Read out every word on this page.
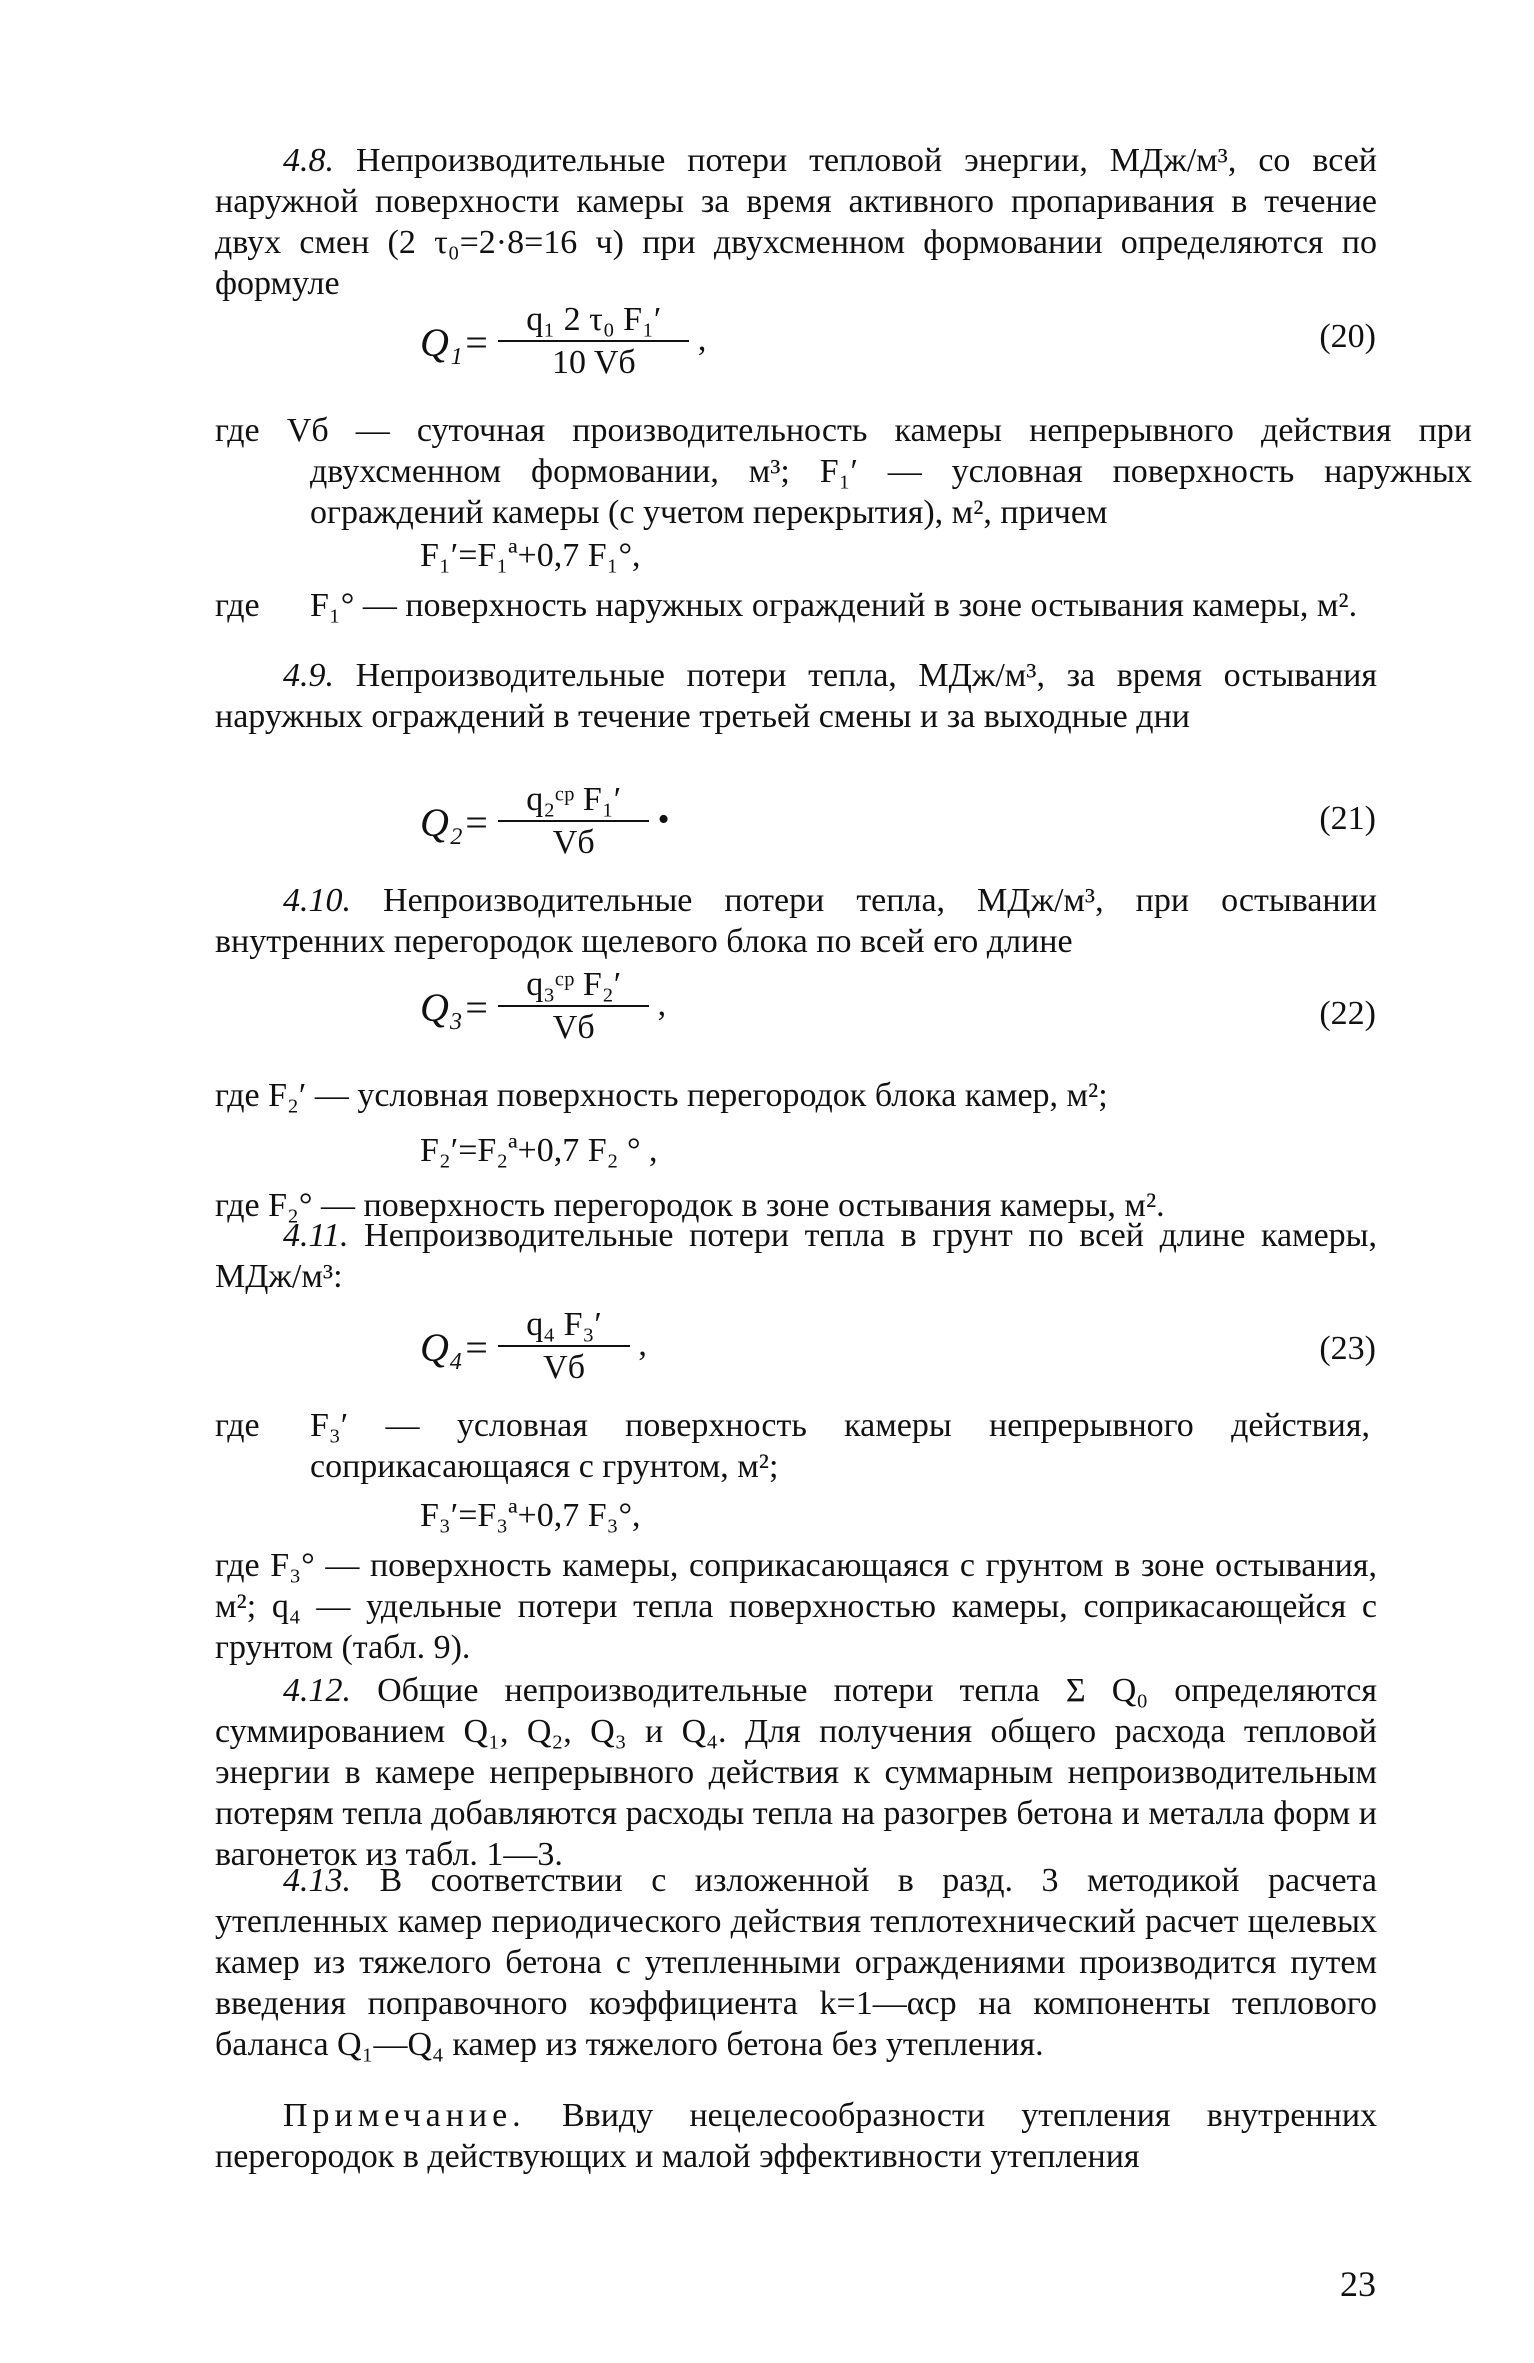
4.8. Непроизводительные потери тепловой энергии, МДж/м³, со всей наружной поверхности камеры за время активного пропаривания в течение двух смен (2 τ₀=2·8=16 ч) при двухсменном формовании определяются по формуле
$Q_1= \frac{\text{q₁ 2 τ₀ F₁′}}{10 Vб}$ ,	(20)
где Vб — суточная производительность камеры непрерывного действия при двухсменном формовании, м³; F₁′ — условная поверхность наружных ограждений камеры (с учетом перекрытия), м², причем
F₁′=F₁ª+0,7 F₁°,
где F₁° — поверхность наружных ограждений в зоне остывания камеры, м².
4.9. Непроизводительные потери тепла, МДж/м³, за время остывания наружных ограждений в течение третьей смены и за выходные дни
$Q_2= \frac{\text{q₂ᶜᵖ F₁′}}{Vб}$ •	(21)
4.10. Непроизводительные потери тепла, МДж/м³, при остывании внутренних перегородок щелевого блока по всей его длине
$Q_3= \frac{\text{q₃ᶜᵖ F₂′}}{Vб}$ ,	(22)
где F₂′ — условная поверхность перегородок блока камер, м²;
F₂′=F₂ª+0,7 F₂ ° ,
где F₂° — поверхность перегородок в зоне остывания камеры, м².
4.11. Непроизводительные потери тепла в грунт по всей длине камеры, МДж/м³:
$Q_4= \frac{\text{q₄ F₃′}}{Vб}$ ,	(23)
где F₃′ — условная поверхность камеры непрерывного действия, соприкасающаяся с грунтом, м²;
F₃′=F₃ª+0,7 F₃°,
где F₃° — поверхность камеры, соприкасающаяся с грунтом в зоне остывания, м²; q₄ — удельные потери тепла поверхностью камеры, соприкасающейся с грунтом (табл. 9).
4.12. Общие непроизводительные потери тепла Σ Q₀ определяются суммированием Q₁, Q₂, Q₃ и Q₄. Для получения общего расхода тепловой энергии в камере непрерывного действия к суммарным непроизводительным потерям тепла добавляются расходы тепла на разогрев бетона и металла форм и вагонеток из табл. 1—3.
4.13. В соответствии с изложенной в разд. 3 методикой расчета утепленных камер периодического действия теплотехнический расчет щелевых камер из тяжелого бетона с утепленными ограждениями производится путем введения поправочного коэффициента k=1—αср на компоненты теплового баланса Q₁—Q₄ камер из тяжелого бетона без утепления.
Примечание. Ввиду нецелесообразности утепления внутренних перегородок в действующих и малой эффективности утепления
23
